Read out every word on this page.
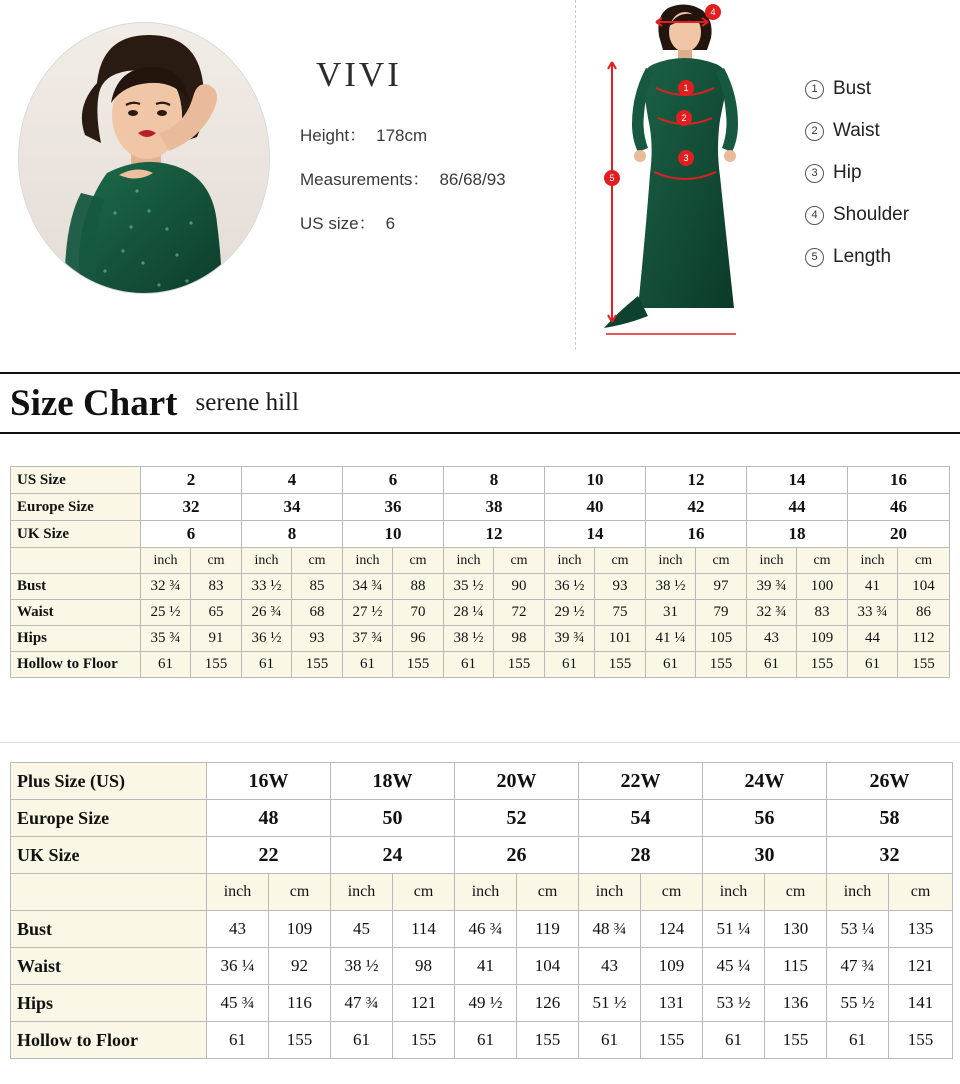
VIVI
Height： 178cm
Measurements： 86/68/93
US size： 6
4
1
2
3
5
1 Bust
2 Waist
3 Hip
4 Shoulder
5 Length
Size Chart serene hill
US Size	2		4		6		8		10		12		14		16	
Europe Size	32		34		36		38		40		42		44		46	
UK Size	6		8		10		12		14		16		18		20	
	inch	cm	inch	cm	inch	cm	inch	cm	inch	cm	inch	cm	inch	cm	inch	cm
Bust	32 ¾	83	33 ½	85	34 ¾	88	35 ½	90	36 ½	93	38 ½	97	39 ¾	100	41	104
Waist	25 ½	65	26 ¾	68	27 ½	70	28 ¼	72	29 ½	75	31	79	32 ¾	83	33 ¾	86
Hips	35 ¾	91	36 ½	93	37 ¾	96	38 ½	98	39 ¾	101	41 ¼	105	43	109	44	112
Hollow to Floor	61	155	61	155	61	155	61	155	61	155	61	155	61	155	61	155
Plus Size (US)	16W		18W		20W		22W		24W		26W	
Europe Size	48		50		52		54		56		58	
UK Size	22		24		26		28		30		32	
	inch	cm	inch	cm	inch	cm	inch	cm	inch	cm	inch	cm
Bust	43	109	45	114	46 ¾	119	48 ¾	124	51 ¼	130	53 ¼	135
Waist	36 ¼	92	38 ½	98	41	104	43	109	45 ¼	115	47 ¾	121
Hips	45 ¾	116	47 ¾	121	49 ½	126	51 ½	131	53 ½	136	55 ½	141
Hollow to Floor	61	155	61	155	61	155	61	155	61	155	61	155
